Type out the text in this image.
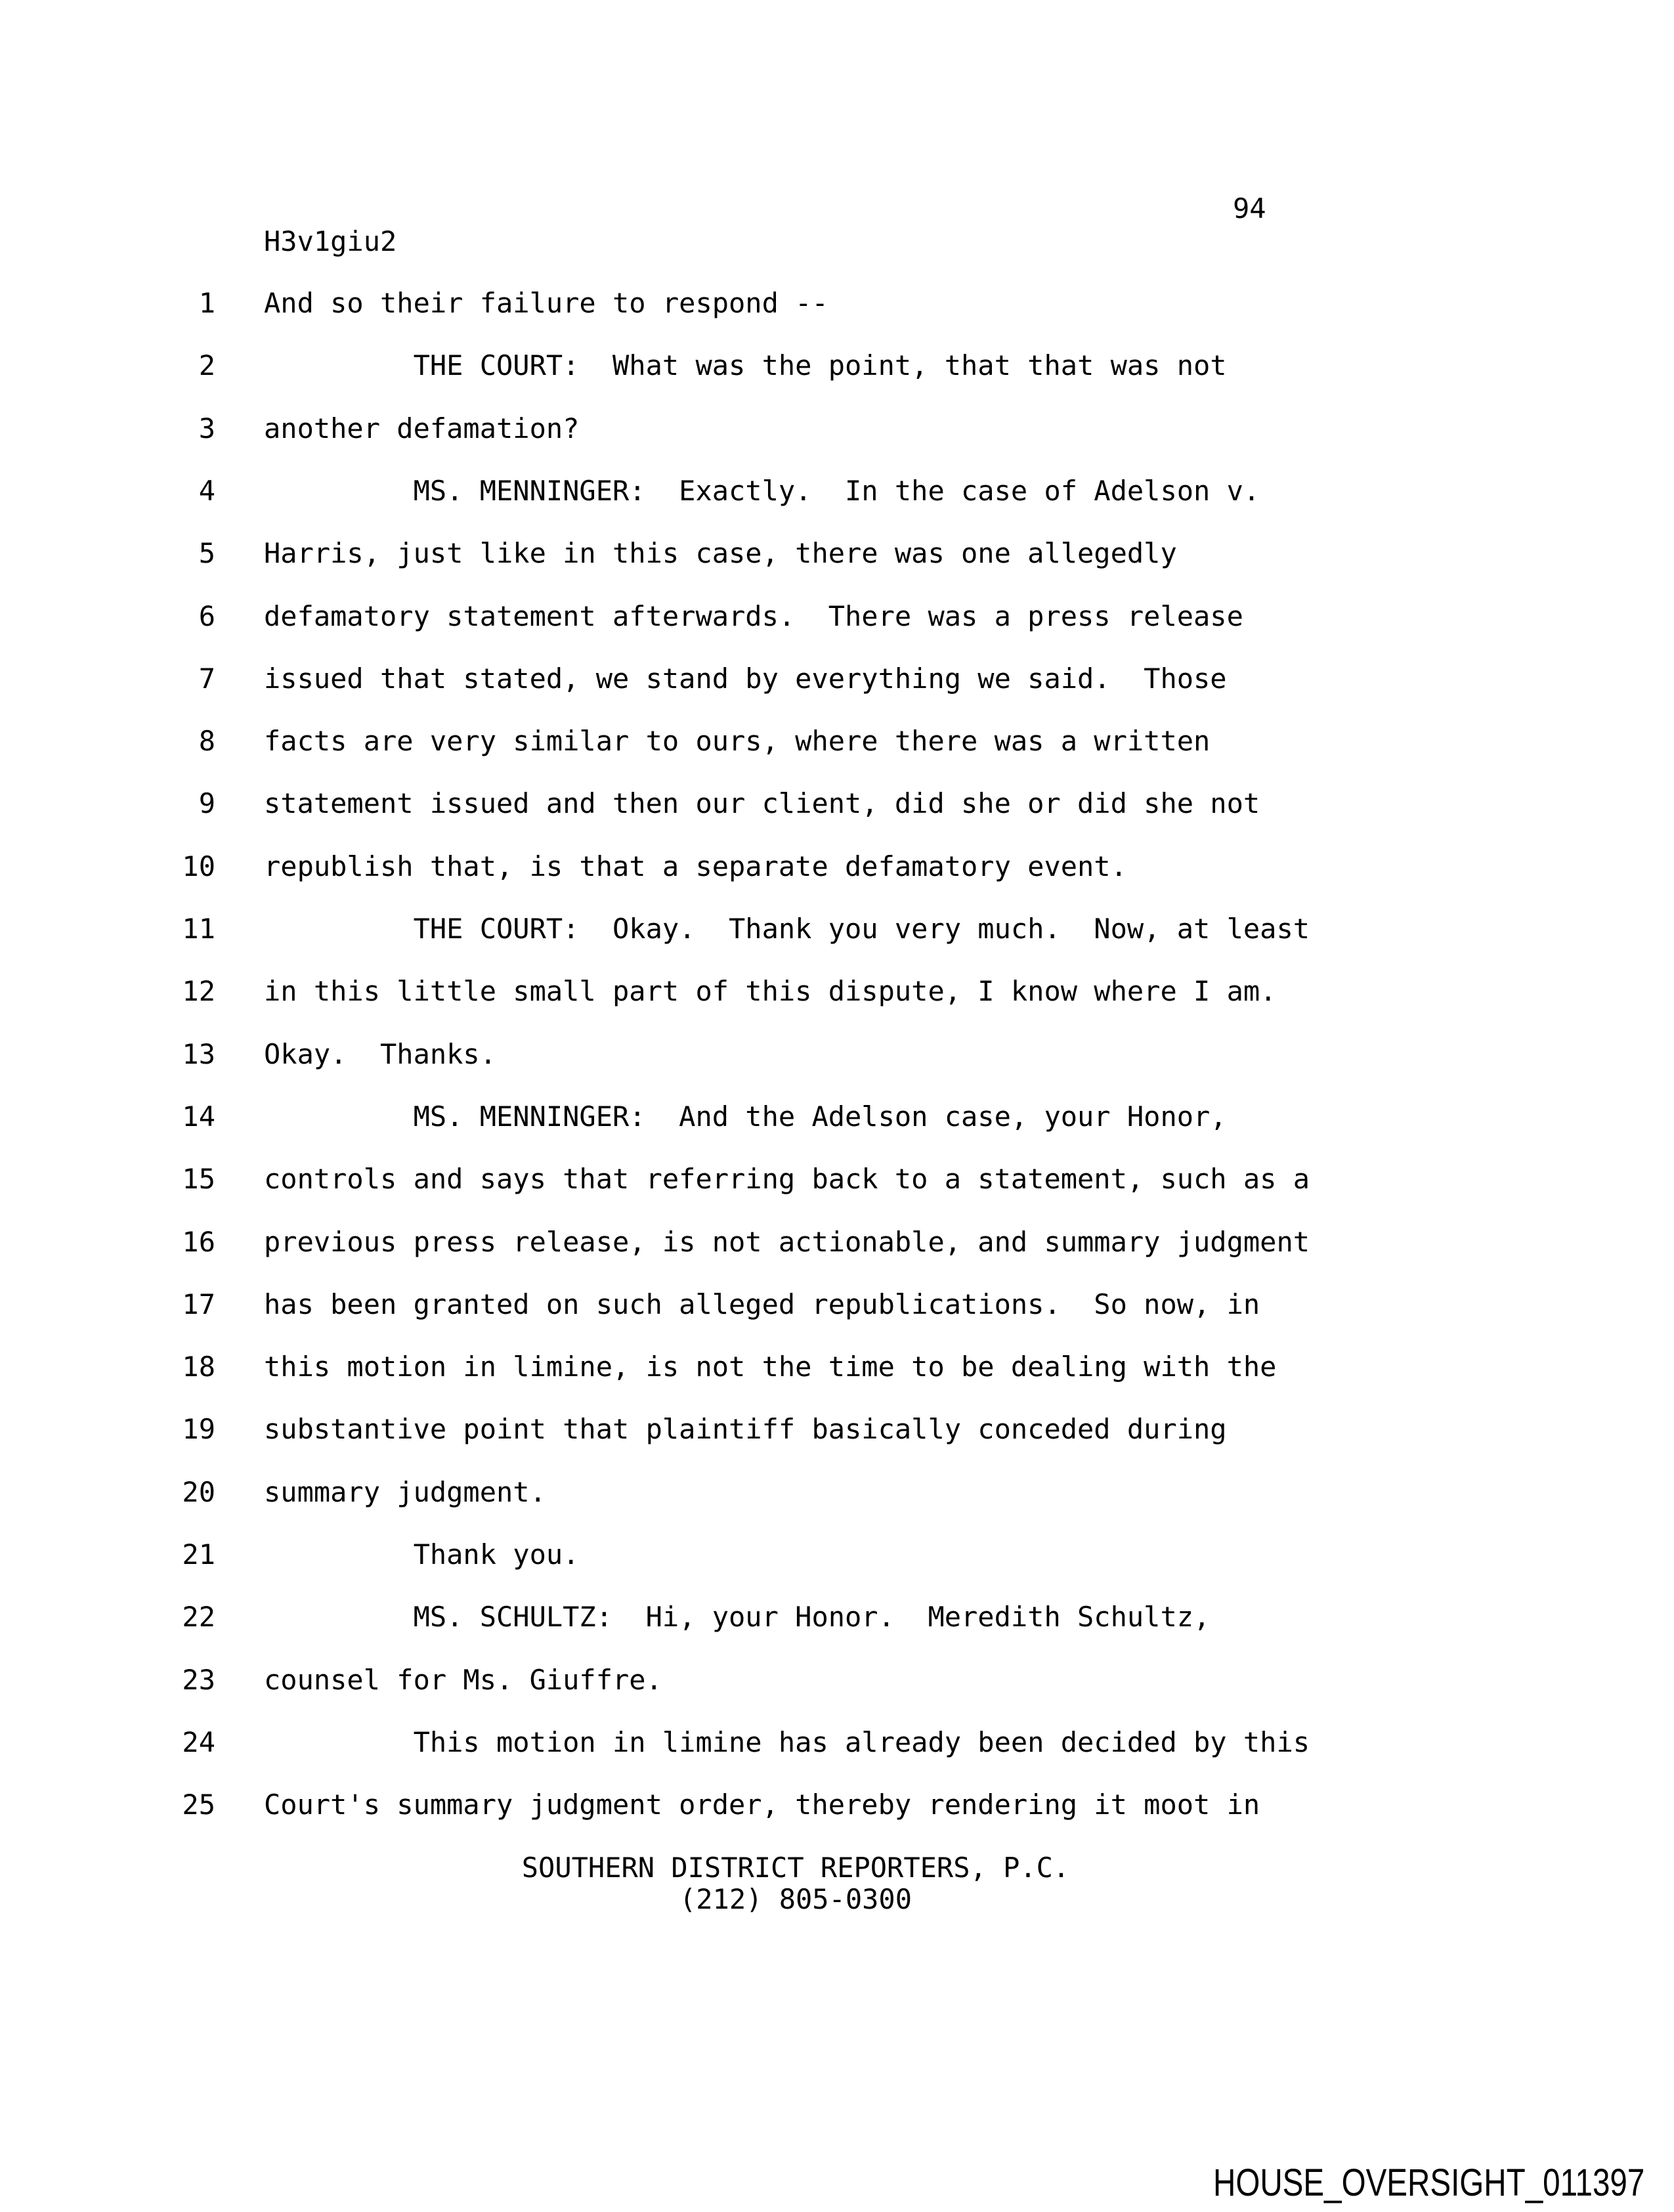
94
H3v1giu2
1 And so their failure to respond --
2 THE COURT:  What was the point, that that was not
3 another defamation?
4 MS. MENNINGER:  Exactly.  In the case of Adelson v.
5 Harris, just like in this case, there was one allegedly
6 defamatory statement afterwards.  There was a press release
7 issued that stated, we stand by everything we said.  Those
8 facts are very similar to ours, where there was a written
9 statement issued and then our client, did she or did she not
10 republish that, is that a separate defamatory event.
11 THE COURT:  Okay.  Thank you very much.  Now, at least
12 in this little small part of this dispute, I know where I am.
13 Okay.  Thanks.
14 MS. MENNINGER:  And the Adelson case, your Honor,
15 controls and says that referring back to a statement, such as a
16 previous press release, is not actionable, and summary judgment
17 has been granted on such alleged republications.  So now, in
18 this motion in limine, is not the time to be dealing with the
19 substantive point that plaintiff basically conceded during
20 summary judgment.
21 Thank you.
22 MS. SCHULTZ:  Hi, your Honor.  Meredith Schultz,
23 counsel for Ms. Giuffre.
24 This motion in limine has already been decided by this
25 Court's summary judgment order, thereby rendering it moot in
SOUTHERN DISTRICT REPORTERS, P.C.
(212) 805-0300
HOUSE_OVERSIGHT_011397
